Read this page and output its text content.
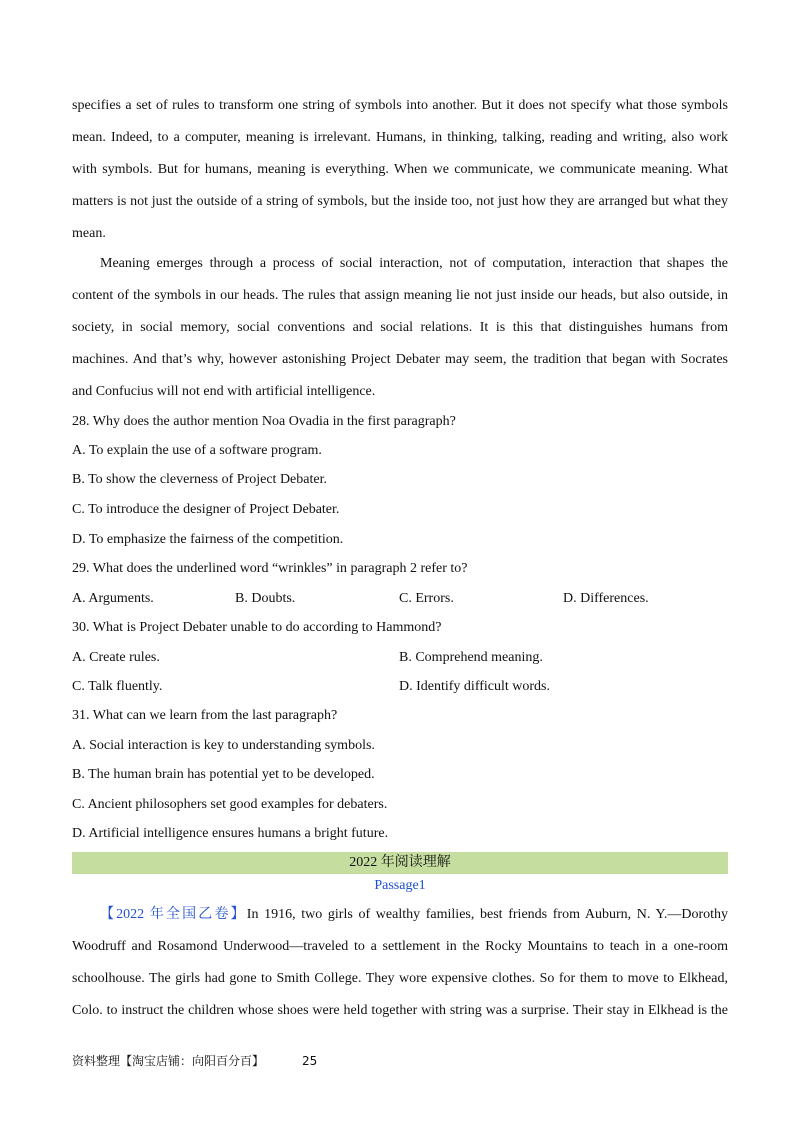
specifies a set of rules to transform one string of symbols into another. But it does not specify what those symbols
mean. Indeed, to a computer, meaning is irrelevant. Humans, in thinking, talking, reading and writing, also work
with symbols. But for humans, meaning is everything. When we communicate, we communicate meaning. What
matters is not just the outside of a string of symbols, but the inside too, not just how they are arranged but what they
mean.
Meaning emerges through a process of social interaction, not of computation, interaction that shapes the
content of the symbols in our heads. The rules that assign meaning lie not just inside our heads, but also outside, in
society, in social memory, social conventions and social relations. It is this that distinguishes humans from
machines. And that’s why, however astonishing Project Debater may seem, the tradition that began with Socrates
and Confucius will not end with artificial intelligence.
28. Why does the author mention Noa Ovadia in the first paragraph?
A. To explain the use of a software program.
B. To show the cleverness of Project Debater.
C. To introduce the designer of Project Debater.
D. To emphasize the fairness of the competition.
29. What does the underlined word “wrinkles” in paragraph 2 refer to?
A. Arguments.	B. Doubts.	C. Errors.	D. Differences.
30. What is Project Debater unable to do according to Hammond?
A. Create rules.	B. Comprehend meaning.
C. Talk fluently.	D. Identify difficult words.
31. What can we learn from the last paragraph?
A. Social interaction is key to understanding symbols.
B. The human brain has potential yet to be developed.
C. Ancient philosophers set good examples for debaters.
D. Artificial intelligence ensures humans a bright future.
2022 年阅读理解
Passage1
【2022 年全国乙卷】In 1916, two girls of wealthy families, best friends from Auburn, N. Y.—Dorothy
Woodruff and Rosamond Underwood—traveled to a settlement in the Rocky Mountains to teach in a one-room
schoolhouse. The girls had gone to Smith College. They wore expensive clothes. So for them to move to Elkhead,
Colo. to instruct the children whose shoes were held together with string was a surprise. Their stay in Elkhead is the
资料整理【淘宝店铺：向阳百分百】	25
